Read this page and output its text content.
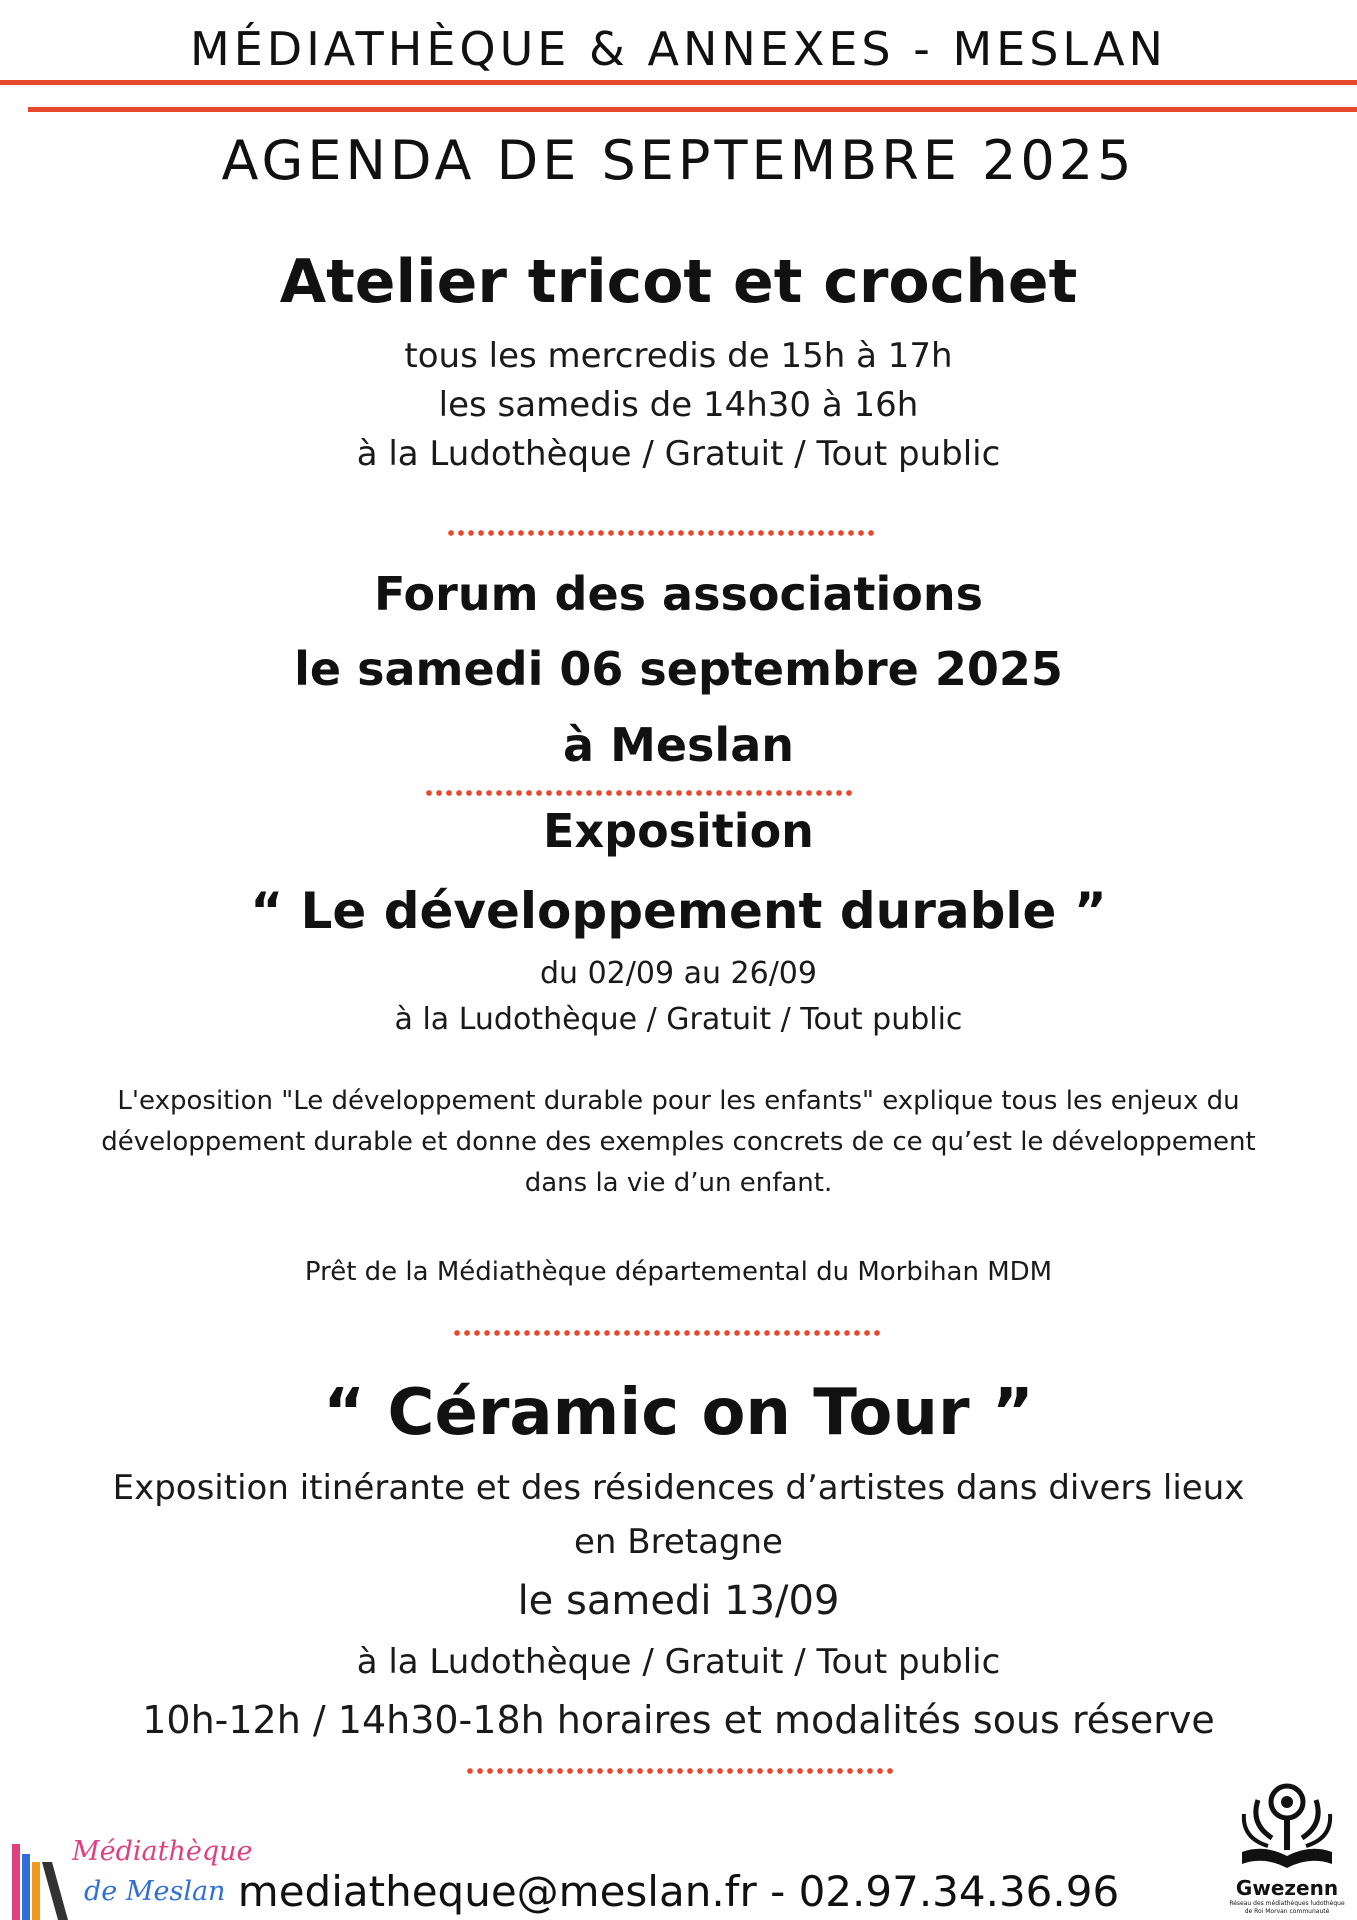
MÉDIATHÈQUE & ANNEXES - MESLAN
AGENDA DE SEPTEMBRE 2025
Atelier tricot et crochet
tous les mercredis de 15h à 17h
les samedis de 14h30 à 16h
à la Ludothèque / Gratuit / Tout public
Forum des associations
le samedi 06 septembre 2025
à Meslan
Exposition
“ Le développement durable ”
du 02/09 au 26/09
à la Ludothèque / Gratuit / Tout public
L'exposition "Le développement durable pour les enfants" explique tous les enjeux du
développement durable et donne des exemples concrets de ce qu’est le développement
dans la vie d’un enfant.
Prêt de la Médiathèque départemental du Morbihan MDM
“ Céramic on Tour ”
Exposition itinérante et des résidences d’artistes dans divers lieux
en Bretagne
le samedi 13/09
à la Ludothèque / Gratuit / Tout public
10h-12h / 14h30-18h horaires et modalités sous réserve
Médiathèque
de Meslan mediatheque@meslan.fr - 02.97.34.36.96	Gwezenn
Réseau des médiathèques ludothèque
de Roi Morvan communauté
